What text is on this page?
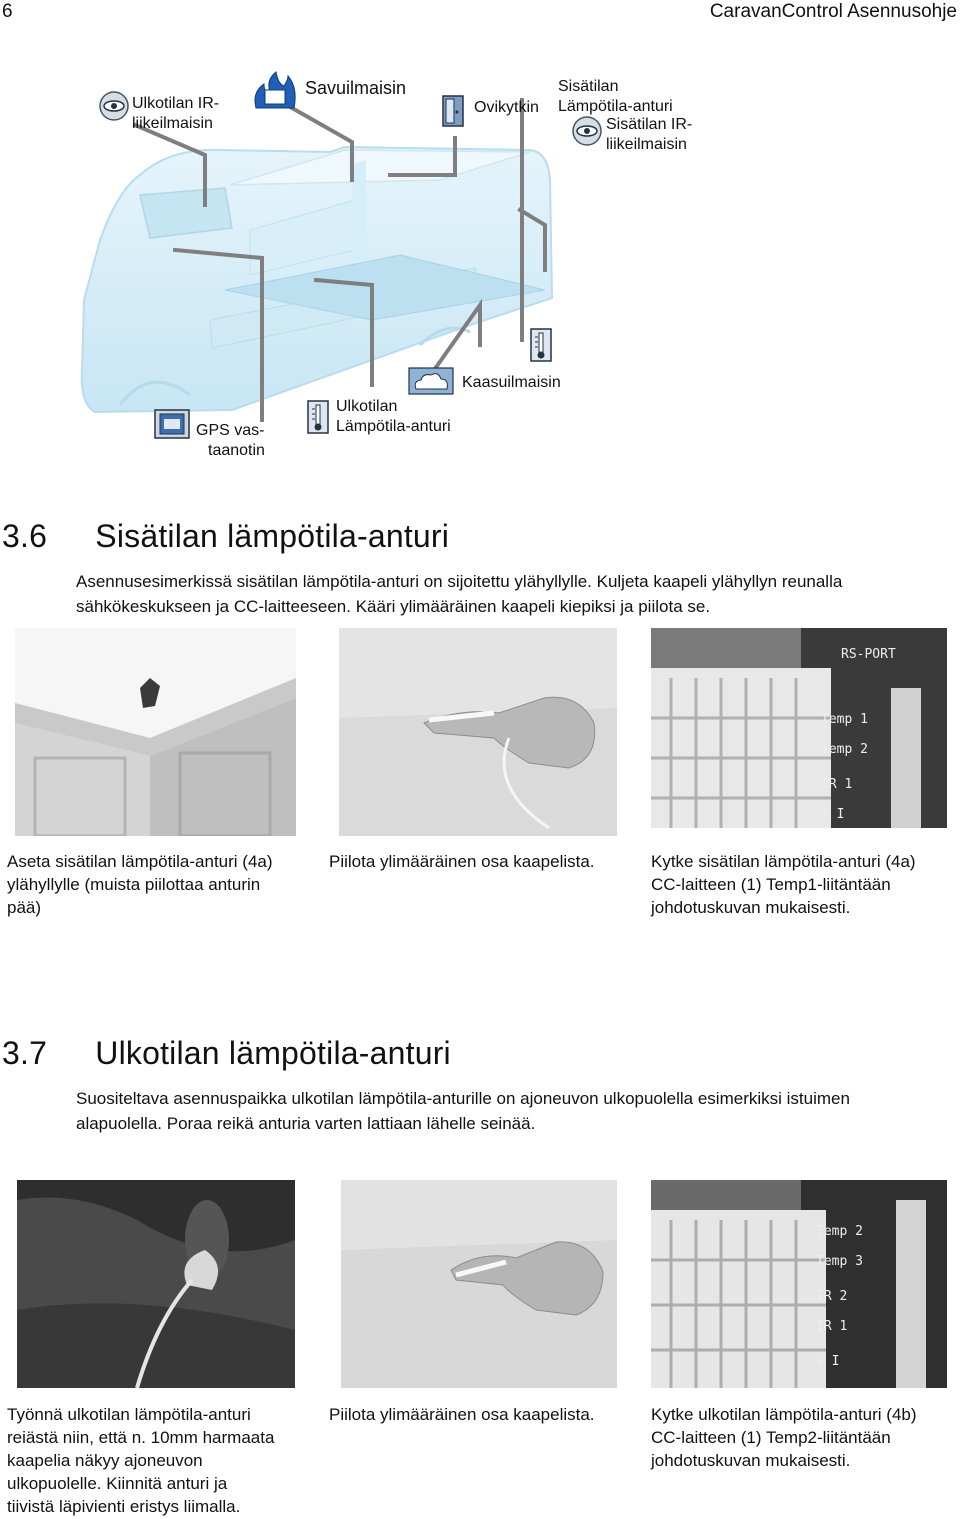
6	CaravanControl Asennusohje
Ulkotilan IR-
liikeilmaisin
Savuilmaisin
Ovikytkin
Sisätilan IR-
liikeilmaisin
Sisätilan
Lämpötila-anturi
Kaasuilmaisin
Ulkotilan
Lämpötila-anturi
GPS vas-
taanotin
3.6 Sisätilan lämpötila-anturi
Asennusesimerkissä sisätilan lämpötila-anturi on sijoitettu ylähyllylle. Kuljeta kaapeli ylähyllyn reunalla
sähkökeskukseen ja CC-laitteeseen. Kääri ylimääräinen kaapeli kiepiksi ja piilota se.
RS-PORT
Temp 1
Temp 2
IR 1
+ I
Aseta sisätilan lämpötila-anturi (4a)
ylähyllylle (muista piilottaa anturin
pää)
Piilota ylimääräinen osa kaapelista.	Kytke sisätilan lämpötila-anturi (4a)
CC-laitteen (1) Temp1-liitäntään
johdotuskuvan mukaisesti.
3.7 Ulkotilan lämpötila-anturi
Suositeltava asennuspaikka ulkotilan lämpötila-anturille on ajoneuvon ulkopuolella esimerkiksi istuimen
alapuolella. Poraa reikä anturia varten lattiaan lähelle seinää.
Temp 2
Temp 3
IR 2
IR 1
+ I
Työnnä ulkotilan lämpötila-anturi
reiästä niin, että n. 10mm harmaata
kaapelia näkyy ajoneuvon
ulkopuolelle. Kiinnitä anturi ja
tiivistä läpivienti eristys liimalla.
Piilota ylimääräinen osa kaapelista.	Kytke ulkotilan lämpötila-anturi (4b)
CC-laitteen (1) Temp2-liitäntään
johdotuskuvan mukaisesti.
